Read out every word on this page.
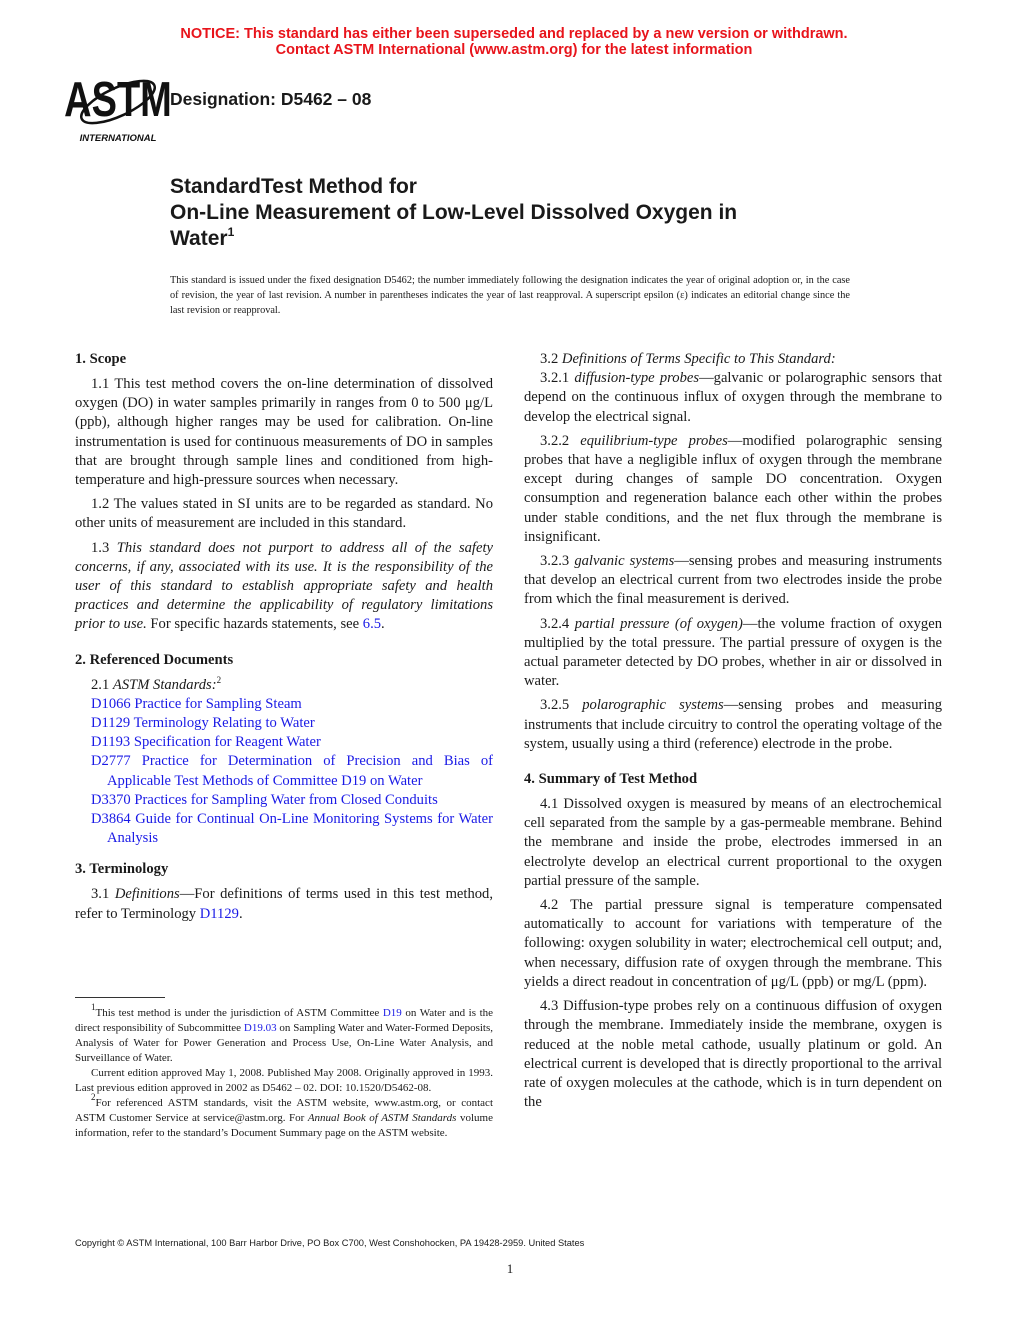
NOTICE: This standard has either been superseded and replaced by a new version or withdrawn.
Contact ASTM International (www.astm.org) for the latest information
ASTM
INTERNATIONAL
Designation: D5462 – 08
StandardTest Method for
On-Line Measurement of Low-Level Dissolved Oxygen in
Water$^1$
This standard is issued under the fixed designation D5462; the number immediately following the designation indicates the year of original adoption or, in the case of revision, the year of last revision. A number in parentheses indicates the year of last reapproval. A superscript epsilon (ε) indicates an editorial change since the last revision or reapproval.
1. Scope

1.1 This test method covers the on-line determination of dissolved oxygen (DO) in water samples primarily in ranges from 0 to 500 μg/L (ppb), although higher ranges may be used for calibration. On-line instrumentation is used for continuous measurements of DO in samples that are brought through sample lines and conditioned from high-temperature and high-pressure sources when necessary.

1.2 The values stated in SI units are to be regarded as standard. No other units of measurement are included in this standard.

1.3 This standard does not purport to address all of the safety concerns, if any, associated with its use. It is the responsibility of the user of this standard to establish appropriate safety and health practices and determine the applicability of regulatory limitations prior to use. For specific hazards statements, see 6.5.

2. Referenced Documents

2.1 ASTM Standards:$^2$

D1066 Practice for Sampling Steam
D1129 Terminology Relating to Water
D1193 Specification for Reagent Water
D2777 Practice for Determination of Precision and Bias of Applicable Test Methods of Committee D19 on Water
D3370 Practices for Sampling Water from Closed Conduits
D3864 Guide for Continual On-Line Monitoring Systems for Water Analysis
3. Terminology

3.1 Definitions—For definitions of terms used in this test method, refer to Terminology D1129.

3.2 Definitions of Terms Specific to This Standard:

3.2.1 diffusion-type probes—galvanic or polarographic sensors that depend on the continuous influx of oxygen through the membrane to develop the electrical signal.

3.2.2 equilibrium-type probes—modified polarographic sensing probes that have a negligible influx of oxygen through the membrane except during changes of sample DO concentration. Oxygen consumption and regeneration balance each other within the probes under stable conditions, and the net flux through the membrane is insignificant.

3.2.3 galvanic systems—sensing probes and measuring instruments that develop an electrical current from two electrodes inside the probe from which the final measurement is derived.

3.2.4 partial pressure (of oxygen)—the volume fraction of oxygen multiplied by the total pressure. The partial pressure of oxygen is the actual parameter detected by DO probes, whether in air or dissolved in water.

3.2.5 polarographic systems—sensing probes and measuring instruments that include circuitry to control the operating voltage of the system, usually using a third (reference) electrode in the probe.

4. Summary of Test Method

4.1 Dissolved oxygen is measured by means of an electrochemical cell separated from the sample by a gas-permeable membrane. Behind the membrane and inside the probe, electrodes immersed in an electrolyte develop an electrical current proportional to the oxygen partial pressure of the sample.

4.2 The partial pressure signal is temperature compensated automatically to account for variations with temperature of the following: oxygen solubility in water; electrochemical cell output; and, when necessary, diffusion rate of oxygen through the membrane. This yields a direct readout in concentration of μg/L (ppb) or mg/L (ppm).

4.3 Diffusion-type probes rely on a continuous diffusion of oxygen through the membrane. Immediately inside the membrane, oxygen is reduced at the noble metal cathode, usually platinum or gold. An electrical current is developed that is directly proportional to the arrival rate of oxygen molecules at the cathode, which is in turn dependent on the

$^1$This test method is under the jurisdiction of ASTM Committee D19 on Water and is the direct responsibility of Subcommittee D19.03 on Sampling Water and Water-Formed Deposits, Analysis of Water for Power Generation and Process Use, On-Line Water Analysis, and Surveillance of Water.

Current edition approved May 1, 2008. Published May 2008. Originally approved in 1993. Last previous edition approved in 2002 as D5462 – 02. DOI: 10.1520/D5462-08.

$^2$For referenced ASTM standards, visit the ASTM website, www.astm.org, or contact ASTM Customer Service at service@astm.org. For Annual Book of ASTM Standards volume information, refer to the standard’s Document Summary page on the ASTM website.

Copyright © ASTM International, 100 Barr Harbor Drive, PO Box C700, West Conshohocken, PA 19428-2959. United States
1
